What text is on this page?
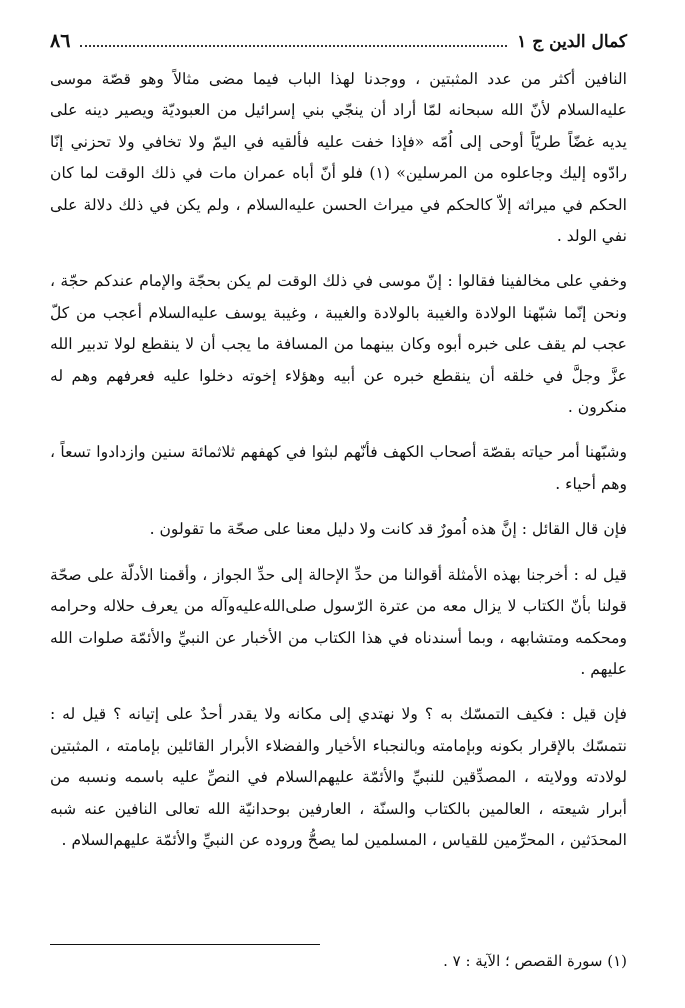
٨٦	كمال الدين ج ١

النافين أكثر من عدد المثبتين ، ووجدنا لهذا الباب فيما مضى مثالاً وهو قصّة موسى عليه‌السلام لأنّ الله سبحانه لمّا أراد أن ينجّي بني إسرائيل من العبوديّة ويصير دينه على يديه غضّاً طريّاً أوحى إلى اُمّه «فإذا خفت عليه فألقيه في اليمّ ولا تخافي ولا تحزني إنّا رادّوه إليك وجاعلوه من المرسلين» (١) فلو أنّ أباه عمران مات في ذلك الوقت لما كان الحكم في ميراثه إلاّ كالحكم في ميراث الحسن عليه‌السلام ، ولم يكن في ذلك دلالة على نفي الولد .

وخفي على مخالفينا فقالوا : إنّ موسى في ذلك الوقت لم يكن بحجّة والإمام عندكم حجّة ، ونحن إنّما شبّهنا الولادة والغيبة بالولادة والغيبة ، وغيبة يوسف عليه‌السلام أعجب من كلّ عجب لم يقف على خبره أبوه وكان بينهما من المسافة ما يجب أن لا ينقطع لولا تدبير الله عزَّ وجلَّ في خلقه أن ينقطع خبره عن أبيه وهؤلاء إخوته دخلوا عليه فعرفهم وهم له منكرون .

وشبّهنا أمر حياته بقصّة أصحاب الكهف فأنّهم لبثوا في كهفهم ثلاثمائة سنين وازدادوا تسعاً ، وهم أحياء .

فإن قال القائل : إنَّ هذه اُمورٌ قد كانت ولا دليل معنا على صحّة ما تقولون .

قيل له : أخرجنا بهذه الأمثلة أقوالنا من حدِّ الإحالة إلى حدِّ الجواز ، وأقمنا الأدلّة على صحّة قولنا بأنّ الكتاب لا يزال معه من عترة الرّسول صلى‌الله‌عليه‌وآله من يعرف حلاله وحرامه ومحكمه ومتشابهه ، وبما أسندناه في هذا الكتاب من الأخبار عن النبيِّ والأئمّة صلوات الله عليهم .

فإن قيل : فكيف التمسّك به ؟ ولا نهتدي إلى مكانه ولا يقدر أحدٌ على إتيانه ؟ قيل له : نتمسّك بالإقرار بكونه وبإمامته وبالنجباء الأخيار والفضلاء الأبرار القائلين بإمامته ، المثبتين لولادته وولايته ، المصدِّقين للنبيِّ والأئمّة عليهم‌السلام في النصِّ عليه باسمه ونسبه من أبرار شيعته ، العالمين بالكتاب والسنّة ، العارفين بوحدانيّة الله تعالى النافين عنه شبه المحدَثين ، المحرِّمين للقياس ، المسلمين لما يصحُّ وروده عن النبيِّ والأئمّة عليهم‌السلام .

(١) سورة القصص ؛ الآية : ٧ .
